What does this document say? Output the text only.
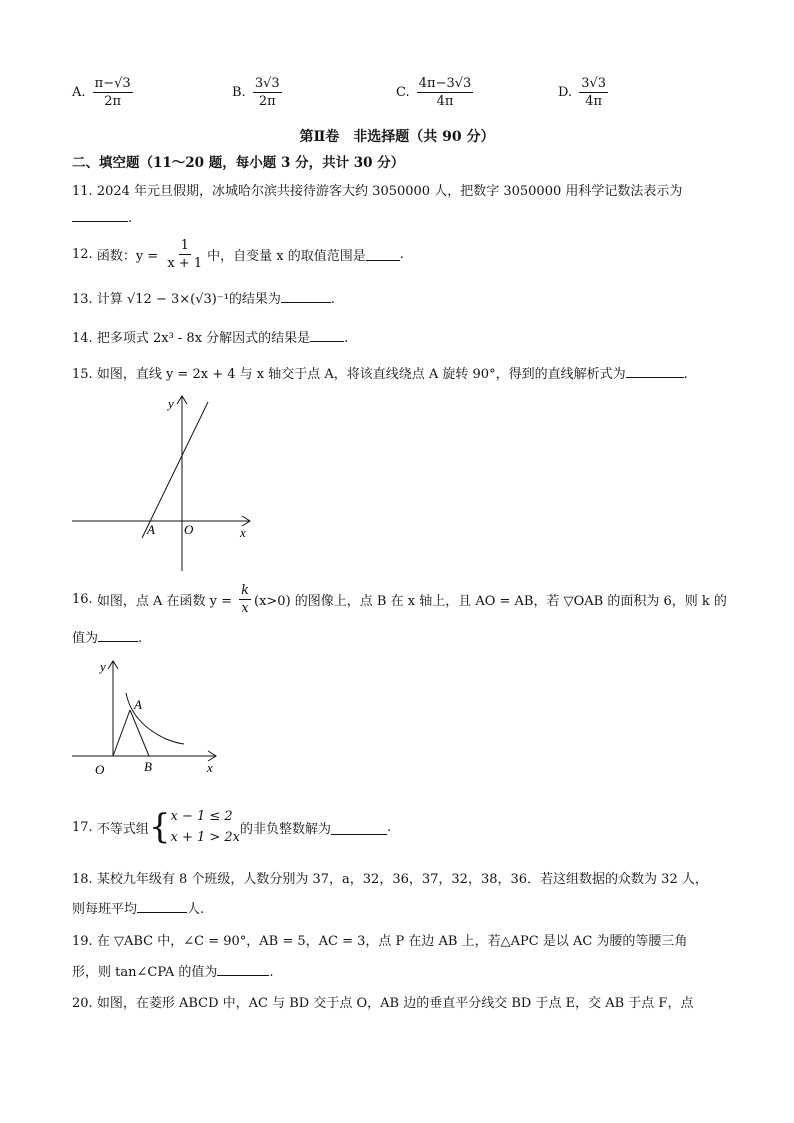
A. $\frac{\pi-√3}{2\pi}$	B. $\frac{3√3}{2\pi}$	C. $\frac{4\pi-3√3}{4\pi}$	D. $\frac{3√3}{4\pi}$
第Ⅱ卷　非选择题（共 90 分）
二、填空题（11～20 题，每小题 3 分，共计 30 分）
11. 2024 年元旦假期，冰城哈尔滨共接待游客大约 3050000 人，把数字 3050000 用科学记数法表示为
.
12. 函数：$y = \frac{1}{x + 1}$ 中，自变量 x 的取值范围是	.
13. 计算 √12 − 3×(√3)⁻¹的结果为	.
14. 把多项式 2x³ - 8x 分解因式的结果是	.
15. 如图，直线 y = 2x + 4 与 x 轴交于点 A，将该直线绕点 A 旋转 90°，得到的直线解析式为	.
y
x
A O
16. 如图，点 A 在函数 $y = \frac{k}{x} (x>0)$ 的图像上，点 B 在 x 轴上，且 AO = AB，若 ▽OAB 的面积为 6，则 k 的
值为	.
y
x
A
B
O
17.
不等式组 { x − 1 ≤ 2
x + 1 > 2x
的非负整数解为	.
18. 某校九年级有 8 个班级，人数分别为 37，a，32，36，37，32，38，36．若这组数据的众数为 32 人，
则每班平均	人.
19. 在 ▽ABC 中，∠C = 90°，AB = 5，AC = 3，点 P 在边 AB 上，若△APC 是以 AC 为腰的等腰三角
形，则 tan∠CPA 的值为	.
20. 如图，在菱形 ABCD 中，AC 与 BD 交于点 O，AB 边的垂直平分线交 BD 于点 E，交 AB 于点 F，点
